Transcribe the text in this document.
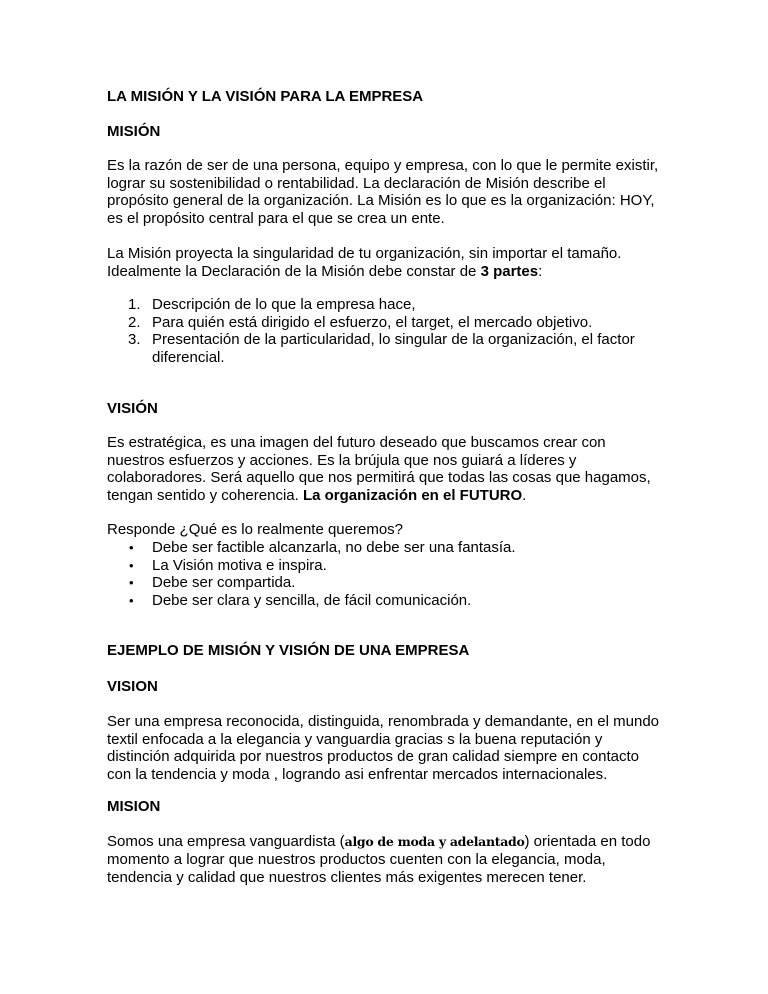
LA MISIÓN Y LA VISIÓN PARA LA EMPRESA
MISIÓN

Es la razón de ser de una persona, equipo y empresa, con lo que le permite existir,
lograr su sostenibilidad o rentabilidad. La declaración de Misión describe el
propósito general de la organización. La Misión es lo que es la organización: HOY,
es el propósito central para el que se crea un ente.

La Misión proyecta la singularidad de tu organización, sin importar el tamaño.
Idealmente la Declaración de la Misión debe constar de 3 partes:

1. Descripción de lo que la empresa hace,
2. Para quién está dirigido el esfuerzo, el target, el mercado objetivo.
3. Presentación de la particularidad, lo singular de la organización, el factor
diferencial.
VISIÓN

Es estratégica, es una imagen del futuro deseado que buscamos crear con
nuestros esfuerzos y acciones. Es la brújula que nos guiará a líderes y
colaboradores. Será aquello que nos permitirá que todas las cosas que hagamos,
tengan sentido y coherencia. La organización en el FUTURO.

Responde ¿Qué es lo realmente queremos?

• Debe ser factible alcanzarla, no debe ser una fantasía.
• La Visión motiva e inspira.
• Debe ser compartida.
• Debe ser clara y sencilla, de fácil comunicación.
EJEMPLO DE MISIÓN Y VISIÓN DE UNA EMPRESA
VISION

Ser una empresa reconocida, distinguida, renombrada y demandante, en el mundo
textil enfocada a la elegancia y vanguardia gracias s la buena reputación y
distinción adquirida por nuestros productos de gran calidad siempre en contacto
con la tendencia y moda , logrando asi enfrentar mercados internacionales.

MISION

Somos una empresa vanguardista (algo de moda y adelantado) orientada en todo
momento a lograr que nuestros productos cuenten con la elegancia, moda,
tendencia y calidad que nuestros clientes más exigentes merecen tener.
